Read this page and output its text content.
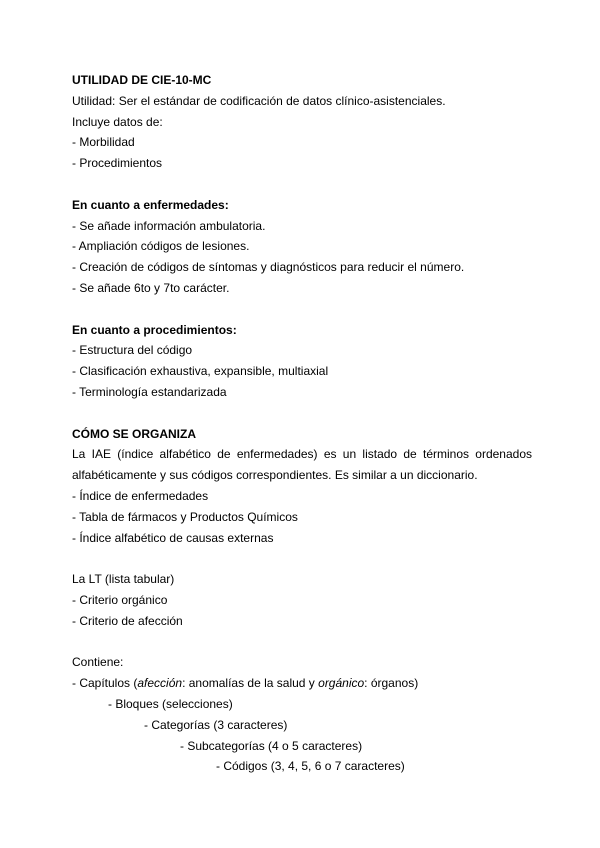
UTILIDAD DE CIE-10-MC
Utilidad: Ser el estándar de codificación de datos clínico-asistenciales.
Incluye datos de:
- Morbilidad
- Procedimientos
En cuanto a enfermedades:
- Se añade información ambulatoria.
- Ampliación códigos de lesiones.
- Creación de códigos de síntomas y diagnósticos para reducir el número.
- Se añade 6to y 7to carácter.
En cuanto a procedimientos:
- Estructura del código
- Clasificación exhaustiva, expansible, multiaxial
- Terminología estandarizada
CÓMO SE ORGANIZA
La IAE (índice alfabético de enfermedades) es un listado de términos ordenados
alfabéticamente y sus códigos correspondientes. Es similar a un diccionario.
- Índice de enfermedades
- Tabla de fármacos y Productos Químicos
- Índice alfabético de causas externas
La LT (lista tabular)
- Criterio orgánico
- Criterio de afección
Contiene:
- Capítulos (afección: anomalías de la salud y orgánico: órganos)
- Bloques (selecciones)
- Categorías (3 caracteres)
- Subcategorías (4 o 5 caracteres)
- Códigos (3, 4, 5, 6 o 7 caracteres)
